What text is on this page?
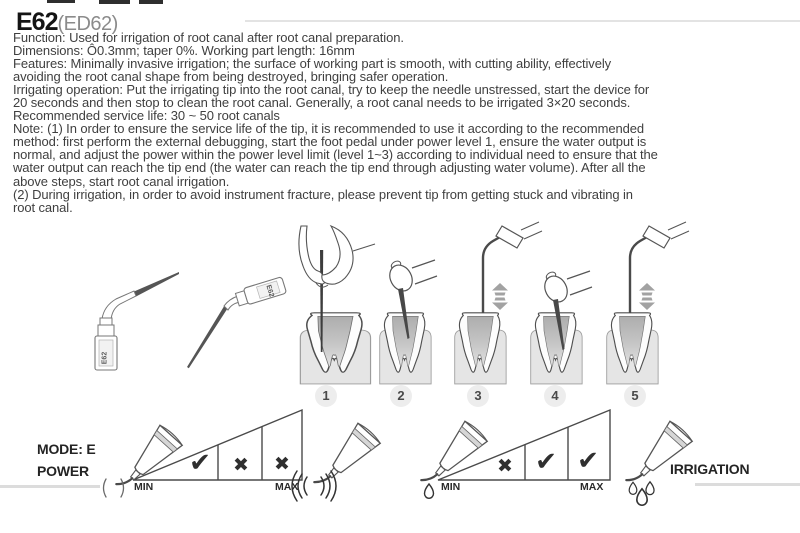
E62 (ED62)
Function: Used for irrigation of root canal after root canal preparation.
Dimensions: Ô0.3mm; taper 0%. Working part length: 16mm
Features: Minimally invasive irrigation; the surface of working part is smooth, with cutting ability, effectively
avoiding the root canal shape from being destroyed, bringing safer operation.
Irrigating operation: Put the irrigating tip into the root canal, try to keep the needle unstressed, start the device for
20 seconds and then stop to clean the root canal. Generally, a root canal needs to be irrigated 3×20 seconds.
Recommended service life: 30 ~ 50 root canals
Note: (1) In order to ensure the service life of the tip, it is recommended to use it according to the recommended
method: first perform the external debugging, start the foot pedal under power level 1, ensure the water output is
normal, and adjust the power within the power level limit (level 1~3) according to individual need to ensure that the
water output can reach the tip end (the water can reach the tip end through adjusting water volume). After all the
above steps, start root canal irrigation.
(2) During irrigation, in order to avoid instrument fracture, please prevent tip from getting stuck and vibrating in
root canal.
E62
E62
1	2	3	4	5
MODE: E
POWER
MIN	MAX
✔	✖	✖	✖ ✔ ✔
MIN	MAX
IRRIGATION
